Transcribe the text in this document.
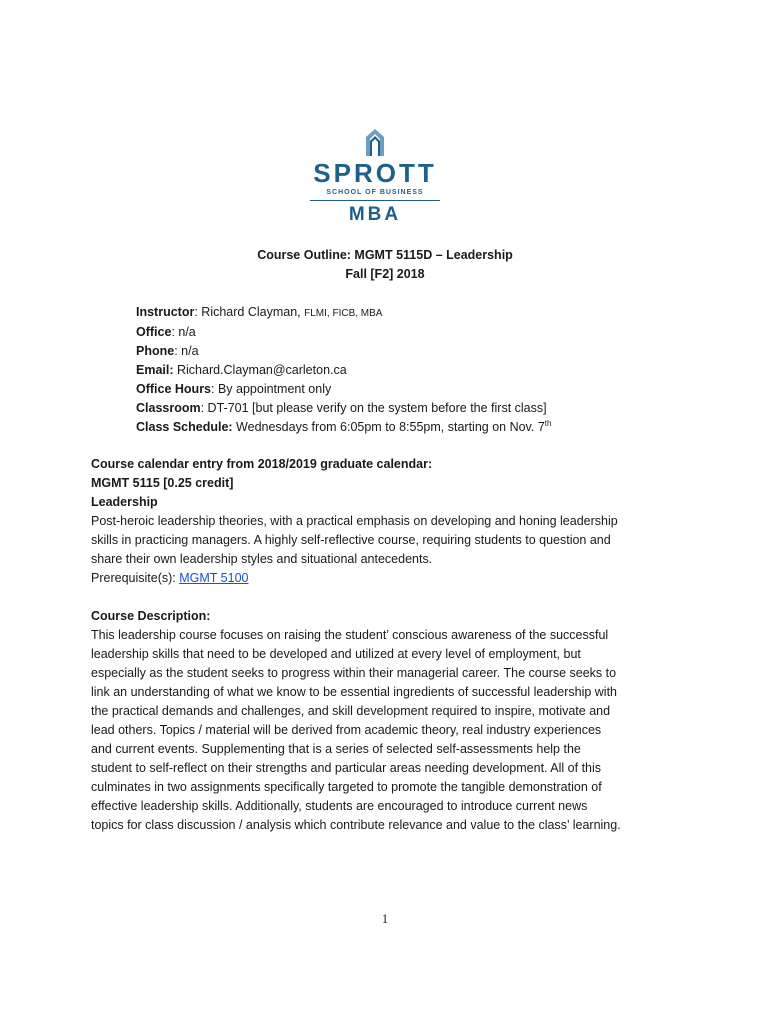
SPROTT
SCHOOL OF BUSINESS
MBA
Course Outline: MGMT 5115D – Leadership
Fall [F2] 2018
Instructor: Richard Clayman, FLMI, FICB, MBA
Office: n/a
Phone: n/a
Email: Richard.Clayman@carleton.ca
Office Hours: By appointment only
Classroom: DT-701 [but please verify on the system before the first class]
Class Schedule: Wednesdays from 6:05pm to 8:55pm, starting on Nov. 7th
Course calendar entry from 2018/2019 graduate calendar:
MGMT 5115 [0.25 credit]
Leadership
Post-heroic leadership theories, with a practical emphasis on developing and honing leadership
skills in practicing managers. A highly self-reflective course, requiring students to question and
share their own leadership styles and situational antecedents.
Prerequisite(s): MGMT 5100
Course Description:
This leadership course focuses on raising the student’ conscious awareness of the successful
leadership skills that need to be developed and utilized at every level of employment, but
especially as the student seeks to progress within their managerial career. The course seeks to
link an understanding of what we know to be essential ingredients of successful leadership with
the practical demands and challenges, and skill development required to inspire, motivate and
lead others. Topics / material will be derived from academic theory, real industry experiences
and current events. Supplementing that is a series of selected self-assessments help the
student to self-reflect on their strengths and particular areas needing development. All of this
culminates in two assignments specifically targeted to promote the tangible demonstration of
effective leadership skills. Additionally, students are encouraged to introduce current news
topics for class discussion / analysis which contribute relevance and value to the class’ learning.
1
